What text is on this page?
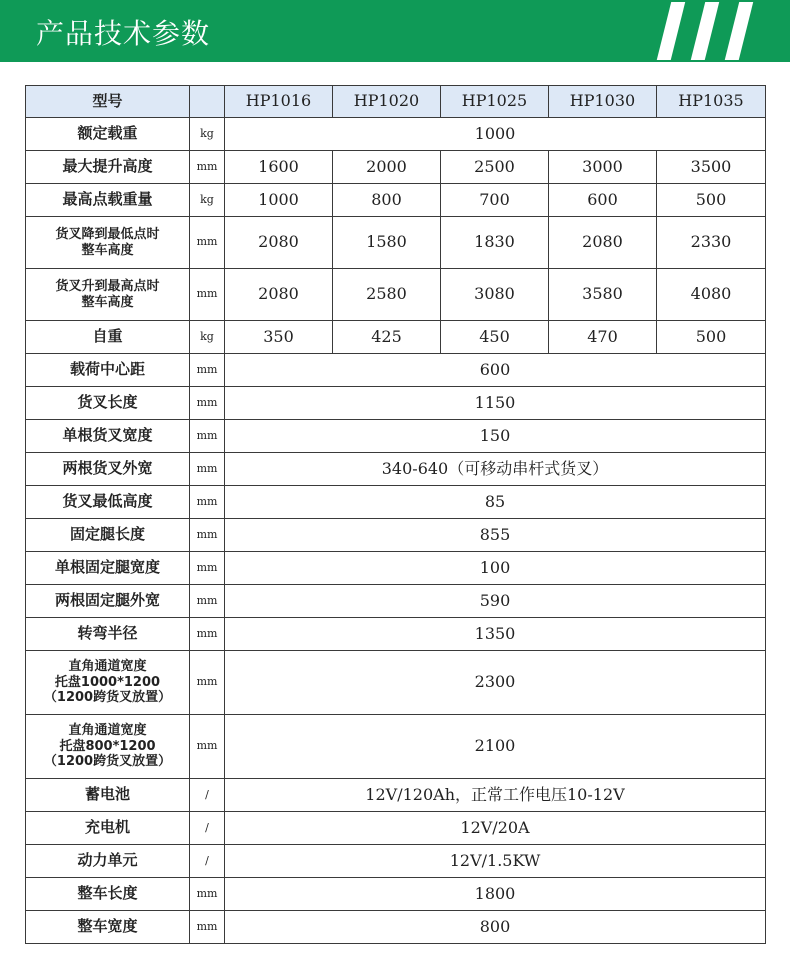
产品技术参数
型号		HP1016	HP1020	HP1025	HP1030	HP1035
额定载重	kg	1000				
最大提升高度	mm	1600	2000	2500	3000	3500
最高点载重量	kg	1000	800	700	600	500
货叉降到最低点时
整车高度	mm	2080	1580	1830	2080	2330
货叉升到最高点时
整车高度	mm	2080	2580	3080	3580	4080
自重	kg	350	425	450	470	500
载荷中心距	mm	600				
货叉长度	mm	1150				
单根货叉宽度	mm	150				
两根货叉外宽	mm	340-640（可移动串杆式货叉）				
货叉最低高度	mm	85				
固定腿长度	mm	855				
单根固定腿宽度	mm	100				
两根固定腿外宽	mm	590				
转弯半径	mm	1350				
直角通道宽度
托盘1000*1200
（1200跨货叉放置）	mm	2300				
直角通道宽度
托盘800*1200
（1200跨货叉放置）	mm	2100				
蓄电池	/	12V/120Ah，正常工作电压10-12V				
充电机	/	12V/20A				
动力单元	/	12V/1.5KW				
整车长度	mm	1800				
整车宽度	mm	800				
